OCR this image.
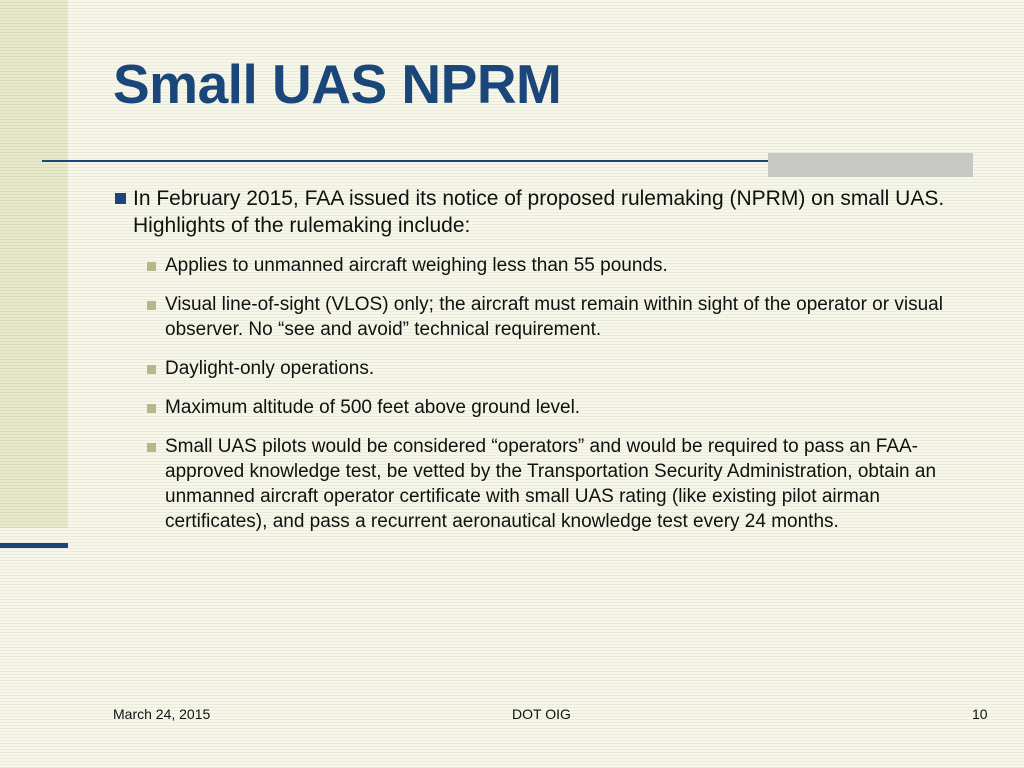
Small UAS NPRM
In February 2015, FAA issued its notice of proposed rulemaking (NPRM) on small UAS. Highlights of the rulemaking include:
Applies to unmanned aircraft weighing less than 55 pounds.
Visual line-of-sight (VLOS) only; the aircraft must remain within sight of the operator or visual observer. No “see and avoid” technical requirement.
Daylight-only operations.
Maximum altitude of 500 feet above ground level.
Small UAS pilots would be considered “operators” and would be required to pass an FAA-approved knowledge test, be vetted by the Transportation Security Administration, obtain an unmanned aircraft operator certificate with small UAS rating (like existing pilot airman certificates), and pass a recurrent aeronautical knowledge test every 24 months.
March 24, 2015	DOT OIG	10
